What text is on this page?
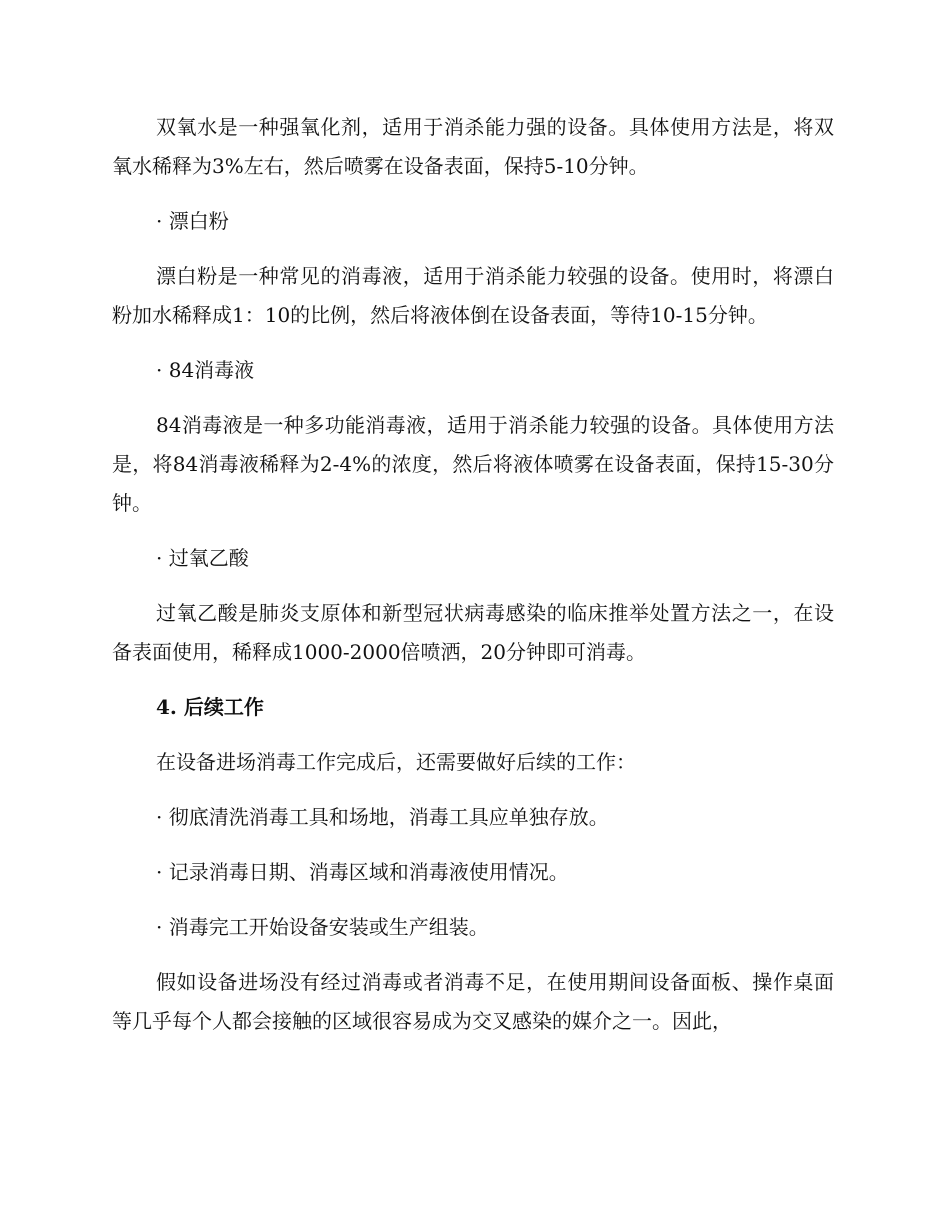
双氧水是一种强氧化剂，适用于消杀能力强的设备。具体使用方法是，将双氧水稀释为3%左右，然后喷雾在设备表面，保持5-10分钟。

· 漂白粉

漂白粉是一种常见的消毒液，适用于消杀能力较强的设备。使用时，将漂白粉加水稀释成1：10的比例，然后将液体倒在设备表面，等待10-15分钟。

· 84消毒液

84消毒液是一种多功能消毒液，适用于消杀能力较强的设备。具体使用方法是，将84消毒液稀释为2-4%的浓度，然后将液体喷雾在设备表面，保持15-30分钟。

· 过氧乙酸

过氧乙酸是肺炎支原体和新型冠状病毒感染的临床推举处置方法之一，在设备表面使用，稀释成1000-2000倍喷洒，20分钟即可消毒。

4. 后续工作

在设备进场消毒工作完成后，还需要做好后续的工作：

· 彻底清洗消毒工具和场地，消毒工具应单独存放。

· 记录消毒日期、消毒区域和消毒液使用情况。

· 消毒完工开始设备安装或生产组装。

假如设备进场没有经过消毒或者消毒不足，在使用期间设备面板、操作桌面等几乎每个人都会接触的区域很容易成为交叉感染的媒介之一。因此，
